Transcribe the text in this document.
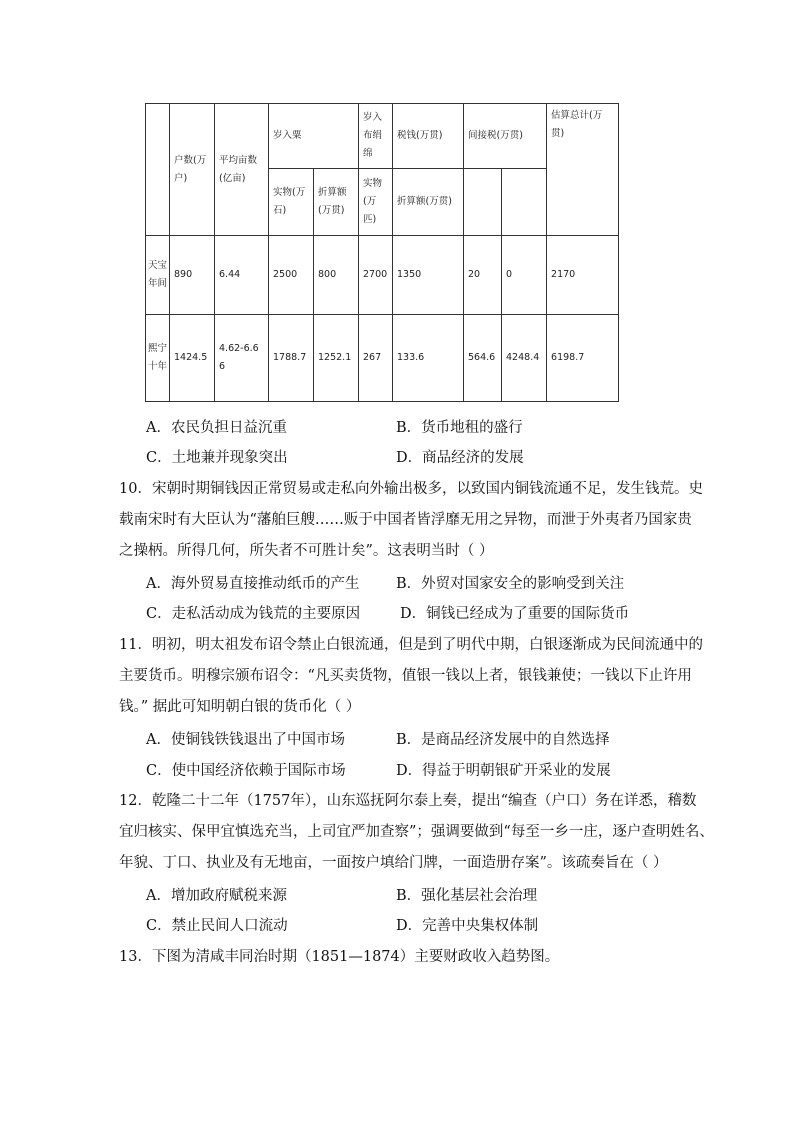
	户数(万户)	平均亩数(亿亩)	岁入粟		岁入布绢绵	税钱(万贯)	间接税(万贯)		估算总计(万贯)
			实物(万石)	折算额(万贯)	实物(万匹)	折算额(万贯)			
天宝年间	890	6.44	2500	800	2700	1350	20	0	2170
熙宁十年	1424.5	4.62-6.66	1788.7	1252.1	267	133.6	564.6	4248.4	6198.7
A．农民负担日益沉重	B．货币地租的盛行
C．土地兼并现象突出	D．商品经济的发展

10．宋朝时期铜钱因正常贸易或走私向外输出极多，以致国内铜钱流通不足，发生钱荒。史

载南宋时有大臣认为“藩舶巨艘……贩于中国者皆浮靡无用之异物，而泄于外夷者乃国家贵

之操柄。所得几何，所失者不可胜计矣”。这表明当时（ ）

A．海外贸易直接推动纸币的产生	B．外贸对国家安全的影响受到关注
C．走私活动成为钱荒的主要原因	D．铜钱已经成为了重要的国际货币

11．明初，明太祖发布诏令禁止白银流通，但是到了明代中期，白银逐渐成为民间流通中的

主要货币。明穆宗颁布诏令：“凡买卖货物，值银一钱以上者，银钱兼使；一钱以下止许用

钱。” 据此可知明朝白银的货币化（ ）

A．使铜钱铁钱退出了中国市场	B．是商品经济发展中的自然选择
C．使中国经济依赖于国际市场	D．得益于明朝银矿开采业的发展

12．乾隆二十二年（1757年），山东巡抚阿尔泰上奏，提出“编查（户口）务在详悉，稽数

宜归核实、保甲宜慎选充当，上司宜严加查察”；强调要做到“每至一乡一庄，逐户查明姓名、

年貌、丁口、执业及有无地亩，一面按户填给门牌，一面造册存案”。该疏奏旨在（ ）

A．增加政府赋税来源	B．强化基层社会治理
C．禁止民间人口流动	D．完善中央集权体制

13．下图为清咸丰同治时期（1851—1874）主要财政收入趋势图。
